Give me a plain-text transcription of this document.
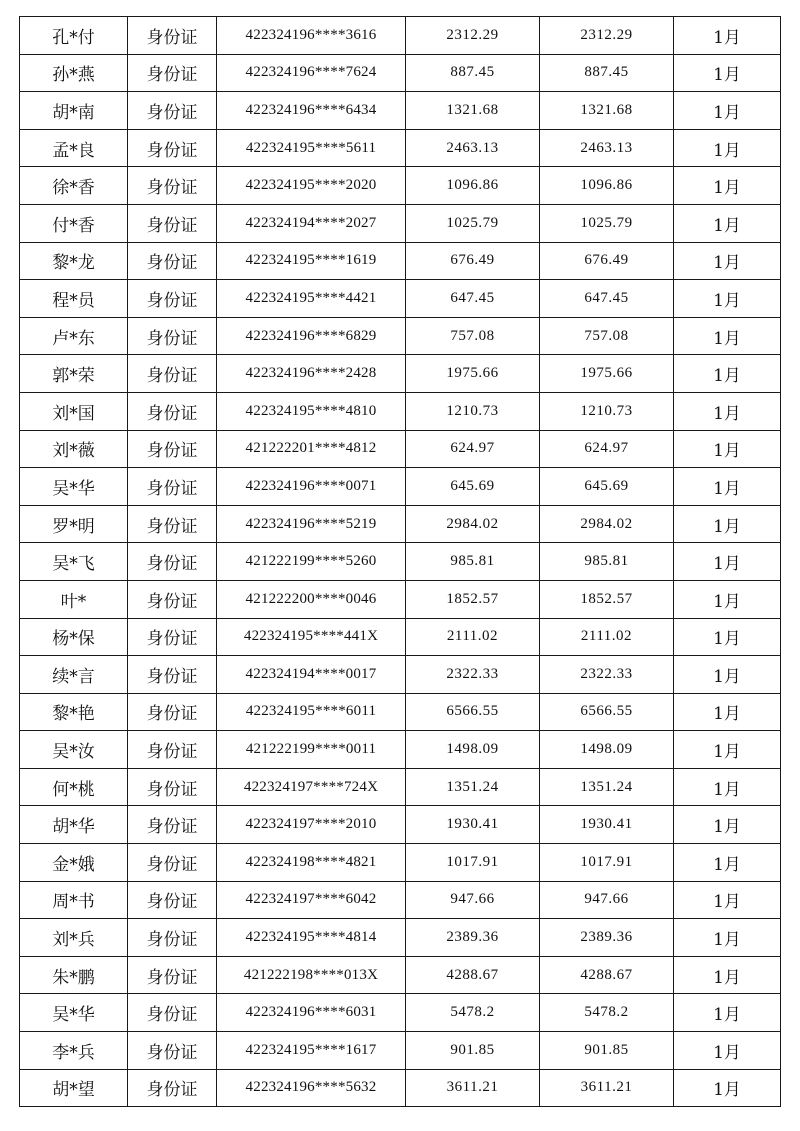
孔*付	身份证	422324196****3616	2312.29	2312.29	1月
孙*燕	身份证	422324196****7624	887.45	887.45	1月
胡*南	身份证	422324196****6434	1321.68	1321.68	1月
孟*良	身份证	422324195****5611	2463.13	2463.13	1月
徐*香	身份证	422324195****2020	1096.86	1096.86	1月
付*香	身份证	422324194****2027	1025.79	1025.79	1月
黎*龙	身份证	422324195****1619	676.49	676.49	1月
程*员	身份证	422324195****4421	647.45	647.45	1月
卢*东	身份证	422324196****6829	757.08	757.08	1月
郭*荣	身份证	422324196****2428	1975.66	1975.66	1月
刘*国	身份证	422324195****4810	1210.73	1210.73	1月
刘*薇	身份证	421222201****4812	624.97	624.97	1月
吴*华	身份证	422324196****0071	645.69	645.69	1月
罗*明	身份证	422324196****5219	2984.02	2984.02	1月
吴*飞	身份证	421222199****5260	985.81	985.81	1月
叶*	身份证	421222200****0046	1852.57	1852.57	1月
杨*保	身份证	422324195****441X	2111.02	2111.02	1月
续*言	身份证	422324194****0017	2322.33	2322.33	1月
黎*艳	身份证	422324195****6011	6566.55	6566.55	1月
吴*汝	身份证	421222199****0011	1498.09	1498.09	1月
何*桃	身份证	422324197****724X	1351.24	1351.24	1月
胡*华	身份证	422324197****2010	1930.41	1930.41	1月
金*娥	身份证	422324198****4821	1017.91	1017.91	1月
周*书	身份证	422324197****6042	947.66	947.66	1月
刘*兵	身份证	422324195****4814	2389.36	2389.36	1月
朱*鹏	身份证	421222198****013X	4288.67	4288.67	1月
吴*华	身份证	422324196****6031	5478.2	5478.2	1月
李*兵	身份证	422324195****1617	901.85	901.85	1月
胡*望	身份证	422324196****5632	3611.21	3611.21	1月
